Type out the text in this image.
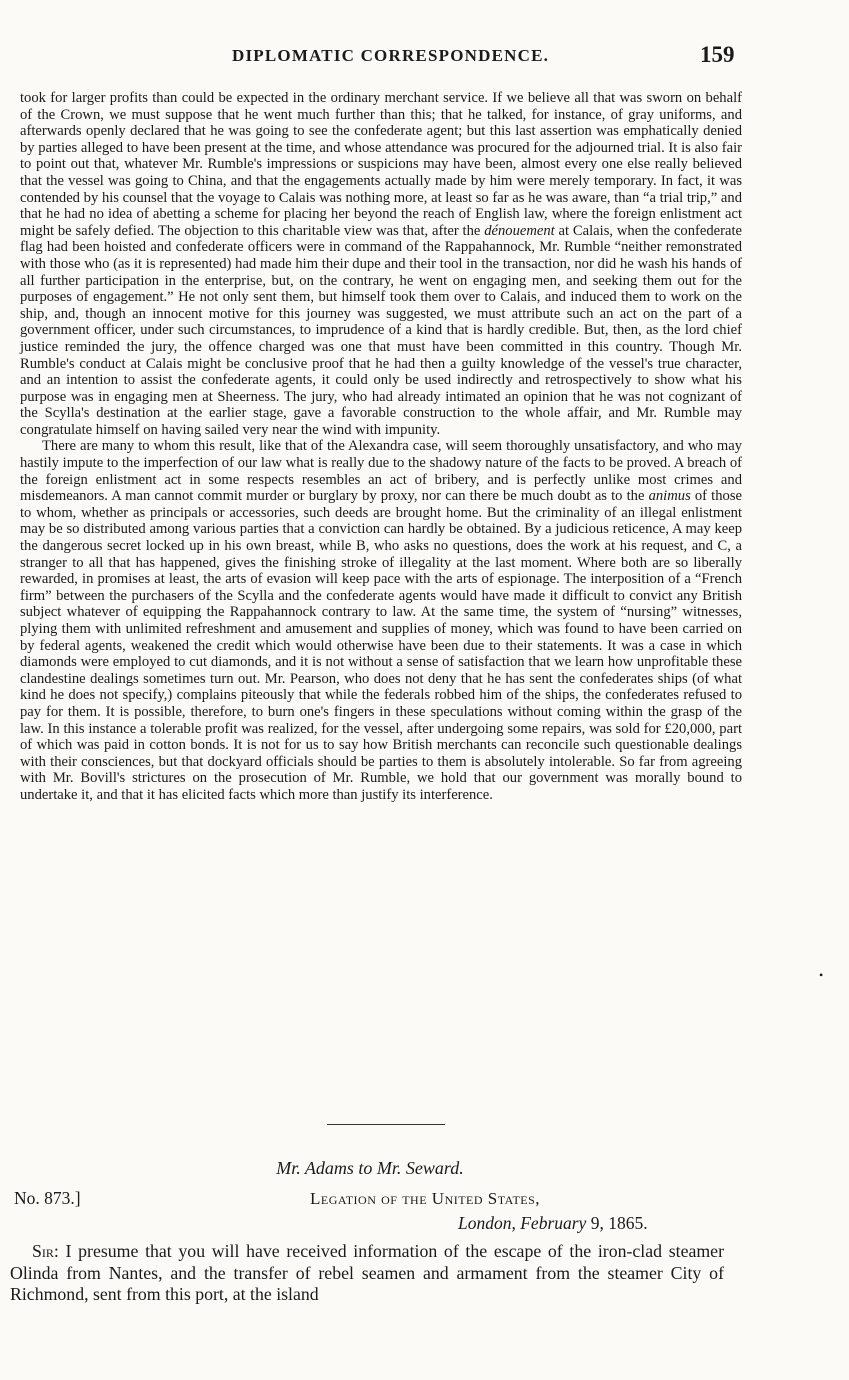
DIPLOMATIC CORRESPONDENCE.	159

took for larger profits than could be expected in the ordinary merchant service. If we believe all that was sworn on behalf of the Crown, we must suppose that he went much further than this; that he talked, for instance, of gray uniforms, and afterwards openly declared that he was going to see the confederate agent; but this last assertion was emphatically denied by parties alleged to have been present at the time, and whose attendance was procured for the adjourned trial. It is also fair to point out that, whatever Mr. Rumble's impressions or suspicions may have been, almost every one else really believed that the vessel was going to China, and that the engagements actually made by him were merely temporary. In fact, it was contended by his counsel that the voyage to Calais was nothing more, at least so far as he was aware, than “a trial trip,” and that he had no idea of abetting a scheme for placing her beyond the reach of English law, where the foreign enlistment act might be safely defied. The objection to this charitable view was that, after the dénouement at Calais, when the confederate flag had been hoisted and confederate officers were in command of the Rappahannock, Mr. Rumble “neither remonstrated with those who (as it is represented) had made him their dupe and their tool in the transaction, nor did he wash his hands of all further participation in the enterprise, but, on the contrary, he went on engaging men, and seeking them out for the purposes of engagement.” He not only sent them, but himself took them over to Calais, and induced them to work on the ship, and, though an innocent motive for this journey was suggested, we must attribute such an act on the part of a government officer, under such circumstances, to imprudence of a kind that is hardly credible. But, then, as the lord chief justice reminded the jury, the offence charged was one that must have been committed in this country. Though Mr. Rumble's conduct at Calais might be conclusive proof that he had then a guilty knowledge of the vessel's true character, and an intention to assist the confederate agents, it could only be used indirectly and retrospectively to show what his purpose was in engaging men at Sheerness. The jury, who had already intimated an opinion that he was not cognizant of the Scylla's destination at the earlier stage, gave a favorable construction to the whole affair, and Mr. Rumble may congratulate himself on having sailed very near the wind with impunity.

There are many to whom this result, like that of the Alexandra case, will seem thoroughly unsatisfactory, and who may hastily impute to the imperfection of our law what is really due to the shadowy nature of the facts to be proved. A breach of the foreign enlistment act in some respects resembles an act of bribery, and is perfectly unlike most crimes and misdemeanors. A man cannot commit murder or burglary by proxy, nor can there be much doubt as to the animus of those to whom, whether as principals or accessories, such deeds are brought home. But the criminality of an illegal enlistment may be so distributed among various parties that a conviction can hardly be obtained. By a judicious reticence, A may keep the dangerous secret locked up in his own breast, while B, who asks no questions, does the work at his request, and C, a stranger to all that has happened, gives the finishing stroke of illegality at the last moment. Where both are so liberally rewarded, in promises at least, the arts of evasion will keep pace with the arts of espionage. The interposition of a “French firm” between the purchasers of the Scylla and the confederate agents would have made it difficult to convict any British subject whatever of equipping the Rappahannock contrary to law. At the same time, the system of “nursing” witnesses, plying them with unlimited refreshment and amusement and supplies of money, which was found to have been carried on by federal agents, weakened the credit which would otherwise have been due to their statements. It was a case in which diamonds were employed to cut diamonds, and it is not without a sense of satisfaction that we learn how unprofitable these clandestine dealings sometimes turn out. Mr. Pearson, who does not deny that he has sent the confederates ships (of what kind he does not specify,) complains piteously that while the federals robbed him of the ships, the confederates refused to pay for them. It is possible, therefore, to burn one's fingers in these speculations without coming within the grasp of the law. In this instance a tolerable profit was realized, for the vessel, after undergoing some repairs, was sold for £20,000, part of which was paid in cotton bonds. It is not for us to say how British merchants can reconcile such questionable dealings with their consciences, but that dockyard officials should be parties to them is absolutely intolerable. So far from agreeing with Mr. Bovill's strictures on the prosecution of Mr. Rumble, we hold that our government was morally bound to undertake it, and that it has elicited facts which more than justify its interference.

•
Mr. Adams to Mr. Seward.
No. 873.]	Legation of the United States,
London, February 9, 1865.

Sir: I presume that you will have received information of the escape of the iron-clad steamer Olinda from Nantes, and the transfer of rebel seamen and armament from the steamer City of Richmond, sent from this port, at the island
